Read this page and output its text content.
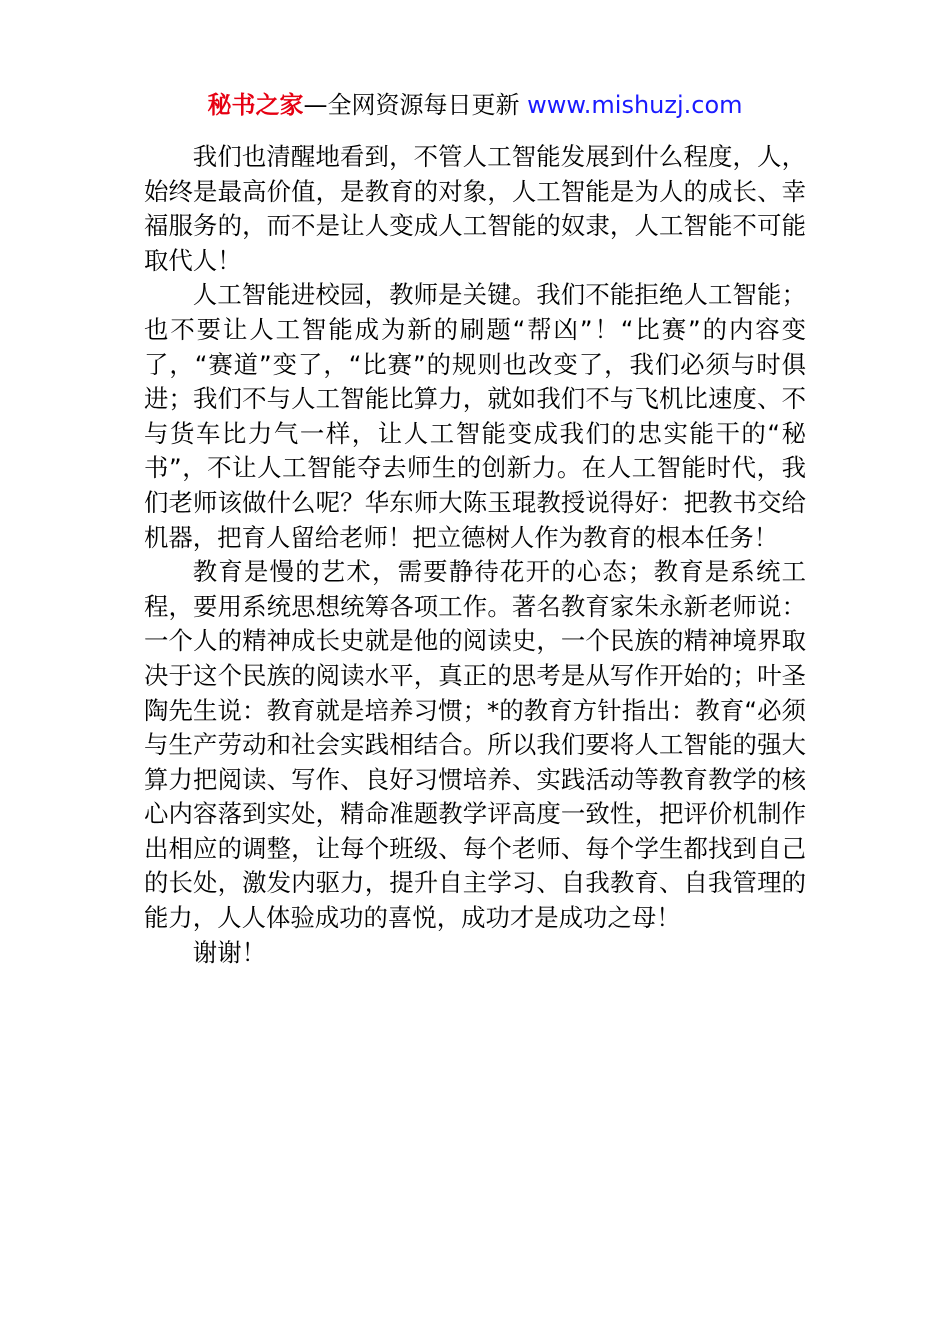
秘书之家—全网资源每日更新 www.mishuzj.com

我们也清醒地看到，不管人工智能发展到什么程度，人，始终是最高价值，是教育的对象，人工智能是为人的成长、幸福服务的，而不是让人变成人工智能的奴隶，人工智能不可能取代人！

人工智能进校园，教师是关键。我们不能拒绝人工智能；也不要让人工智能成为新的刷题“帮凶”！“比赛”的内容变了，“赛道”变了，“比赛”的规则也改变了，我们必须与时俱进；我们不与人工智能比算力，就如我们不与飞机比速度、不与货车比力气一样，让人工智能变成我们的忠实能干的“秘书”，不让人工智能夺去师生的创新力。在人工智能时代，我们老师该做什么呢？华东师大陈玉琨教授说得好：把教书交给机器，把育人留给老师！把立德树人作为教育的根本任务！

教育是慢的艺术，需要静待花开的心态；教育是系统工程，要用系统思想统筹各项工作。著名教育家朱永新老师说：一个人的精神成长史就是他的阅读史，一个民族的精神境界取决于这个民族的阅读水平，真正的思考是从写作开始的；叶圣陶先生说：教育就是培养习惯；*的教育方针指出：教育“必须与生产劳动和社会实践相结合。所以我们要将人工智能的强大算力把阅读、写作、良好习惯培养、实践活动等教育教学的核心内容落到实处，精命准题教学评高度一致性，把评价机制作出相应的调整，让每个班级、每个老师、每个学生都找到自己的长处，激发内驱力，提升自主学习、自我教育、自我管理的能力，人人体验成功的喜悦，成功才是成功之母！

谢谢！
